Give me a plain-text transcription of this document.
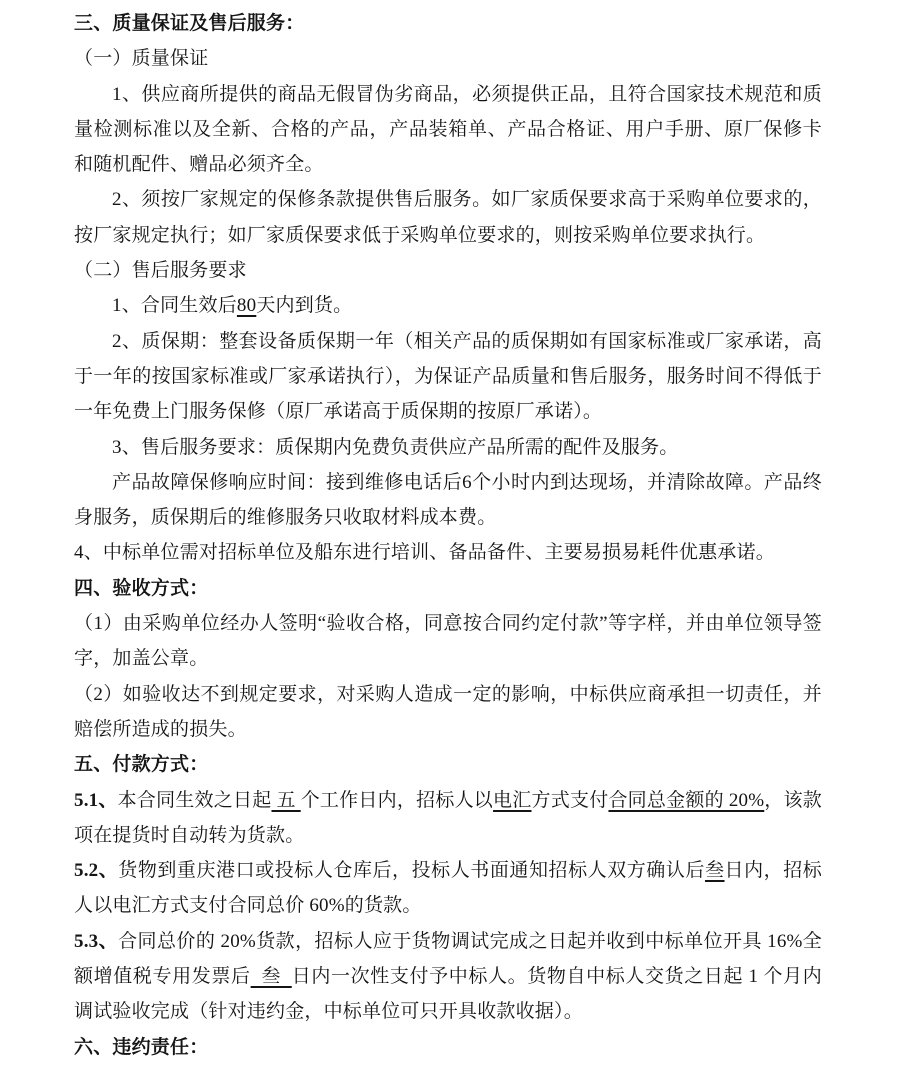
三、质量保证及售后服务：

（一）质量保证

1、供应商所提供的商品无假冒伪劣商品，必须提供正品，且符合国家技术规范和质量检测标准以及全新、合格的产品，产品装箱单、产品合格证、用户手册、原厂保修卡和随机配件、赠品必须齐全。

2、须按厂家规定的保修条款提供售后服务。如厂家质保要求高于采购单位要求的，按厂家规定执行；如厂家质保要求低于采购单位要求的，则按采购单位要求执行。

（二）售后服务要求

1、合同生效后80天内到货。

2、质保期：整套设备质保期一年（相关产品的质保期如有国家标准或厂家承诺，高于一年的按国家标准或厂家承诺执行），为保证产品质量和售后服务，服务时间不得低于一年免费上门服务保修（原厂承诺高于质保期的按原厂承诺）。

3、售后服务要求：质保期内免费负责供应产品所需的配件及服务。

产品故障保修响应时间：接到维修电话后6个小时内到达现场，并清除故障。产品终身服务，质保期后的维修服务只收取材料成本费。

4、中标单位需对招标单位及船东进行培训、备品备件、主要易损易耗件优惠承诺。

四、验收方式：

（1）由采购单位经办人签明“验收合格，同意按合同约定付款”等字样，并由单位领导签字，加盖公章。

（2）如验收达不到规定要求，对采购人造成一定的影响，中标供应商承担一切责任，并赔偿所造成的损失。

五、付款方式：

5.1、本合同生效之日起 五 个工作日内，招标人以电汇方式支付合同总金额的 20%，该款项在提货时自动转为货款。

5.2、货物到重庆港口或投标人仓库后，投标人书面通知招标人双方确认后叁日内，招标人以电汇方式支付合同总价 60%的货款。

5.3、合同总价的 20%货款，招标人应于货物调试完成之日起并收到中标单位开具 16%全额增值税专用发票后  叁  日内一次性支付予中标人。货物自中标人交货之日起 1 个月内调试验收完成（针对违约金，中标单位可只开具收款收据）。

六、违约责任：
